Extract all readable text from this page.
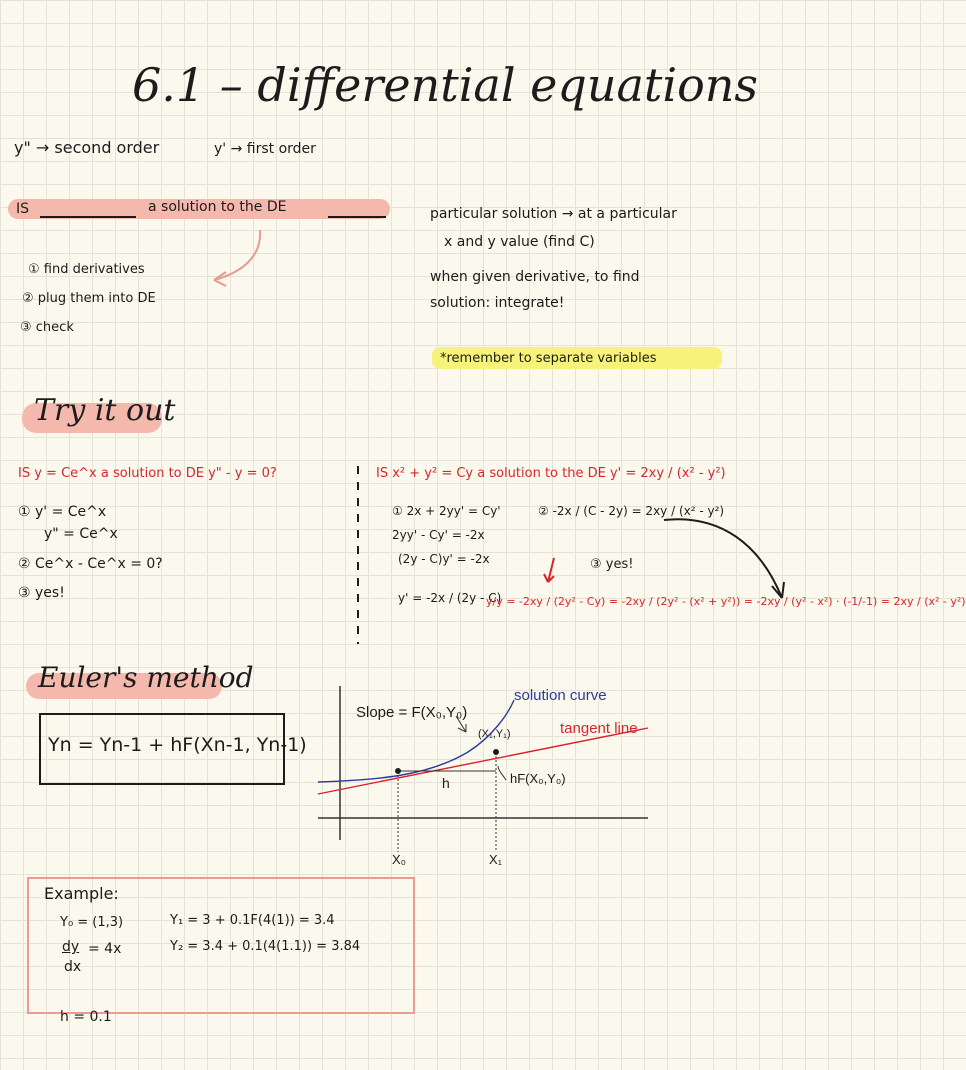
6.1 – differential equations
y" → second order	y' → first order
IS	a solution to the DE
① find derivatives
② plug them into DE
③ check
particular solution → at a particular
x and y value (find C)
when given derivative, to find
solution: integrate!
*remember to separate variables
Try it out
IS y = Ce^x a solution to DE y" - y = 0?
① y' = Ce^x
y" = Ce^x
② Ce^x - Ce^x = 0?
③ yes!
IS x² + y² = Cy a solution to the DE y' = 2xy / (x² - y²)
① 2x + 2yy' = Cy'
2yy' - Cy' = -2x
(2y - C)y' = -2x
y' = -2x / (2y - C)
② -2x / (C - 2y) = 2xy / (x² - y²)
③ yes!
y/y = -2xy / (2y² - Cy) = -2xy / (2y² - (x² + y²)) = -2xy / (y² - x²) · (-1/-1) = 2xy / (x² - y²)
Euler's method
Yn = Yn-1 + hF(Xn-1, Yn-1)
Slope = F(X₀,Y₀)
solution curve
tangent line
(X₁,Y₁)
h	hF(X₀,Y₀)
X₀	X₁
Example:
Y₀ = (1,3)
dy = 4x
dx
h = 0.1
Y₁ = 3 + 0.1F(4(1)) = 3.4
Y₂ = 3.4 + 0.1(4(1.1)) = 3.84
